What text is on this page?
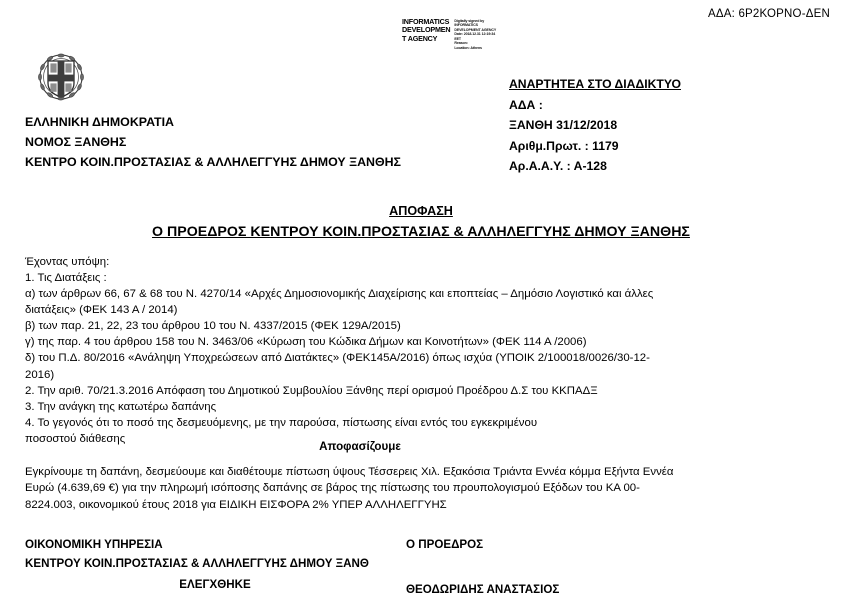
ΑΔΑ: 6Ρ2ΚΟΡΝΟ-ΔΕΝ
INFORMATICS
DEVELOPMEN
T AGENCY
Digitally signed by
INFORMATICS
DEVELOPMENT AGENCY
Date: 2018.12.31 12:19:34
EET
Reason:
Location: Athens
ΕΛΛΗΝΙΚΗ ΔΗΜΟΚΡΑΤΙΑ
ΝΟΜΟΣ ΞΑΝΘΗΣ
ΚΕΝΤΡΟ ΚΟΙΝ.ΠΡΟΣΤΑΣΙΑΣ & ΑΛΛΗΛΕΓΓΥΗΣ ΔΗΜΟΥ ΞΑΝΘΗΣ
ΑΝΑΡΤΗΤΕΑ ΣΤΟ ΔΙΑΔΙΚΤΥΟ
ΑΔΑ :
ΞΑΝΘΗ 31/12/2018
Αριθμ.Πρωτ. : 1179
Αρ.Α.Α.Υ. : Α-128
ΑΠΟΦΑΣΗ
Ο ΠΡΟΕΔΡΟΣ ΚΕΝΤΡΟΥ ΚΟΙΝ.ΠΡΟΣΤΑΣΙΑΣ & ΑΛΛΗΛΕΓΓΥΗΣ ΔΗΜΟΥ ΞΑΝΘΗΣ
Έχοντας υπόψη:
1. Τις Διατάξεις :
α) των άρθρων 66, 67 & 68 του Ν. 4270/14 «Αρχές Δημοσιονομικής Διαχείρισης και εποπτείας – Δημόσιο Λογιστικό και άλλες
διατάξεις» (ΦΕΚ 143 Α / 2014)
β) των παρ. 21, 22, 23 του άρθρου 10 του Ν. 4337/2015 (ΦΕΚ 129Α/2015)
γ) της παρ. 4 του άρθρου 158 του Ν. 3463/06 «Κύρωση του Κώδικα Δήμων και Κοινοτήτων» (ΦΕΚ 114 Α /2006)
δ) του Π.Δ. 80/2016 «Ανάληψη Υποχρεώσεων από Διατάκτες» (ΦΕΚ145Α/2016) όπως ισχύα (ΥΠΟΙΚ 2/100018/0026/30-12-
2016)
2. Την αριθ. 70/21.3.2016 Απόφαση του Δημοτικού Συμβουλίου Ξάνθης περί ορισμού Προέδρου Δ.Σ του ΚΚΠΑΔΞ
3. Την ανάγκη της κατωτέρω δαπάνης
4. Το γεγονός ότι το ποσό της δεσμευόμενης, με την παρούσα, πίστωσης είναι εντός του εγκεκριμένου
ποσοστού διάθεσης
Αποφασίζουμε
Εγκρίνουμε τη δαπάνη, δεσμεύουμε και διαθέτουμε πίστωση ύψους Τέσσερεις Χιλ. Εξακόσια Τριάντα Εννέα κόμμα Εξήντα Εννέα
Ευρώ (4.639,69 €) για την πληρωμή ισόποσης δαπάνης σε βάρος της πίστωσης του προυπολογισμού Εξόδων του ΚΑ 00-
8224.003, οικονομικού έτους 2018 για ΕΙΔΙΚΗ ΕΙΣΦΟΡΑ 2% ΥΠΕΡ ΑΛΛΗΛΕΓΓΥΗΣ
ΟΙΚΟΝΟΜΙΚΗ ΥΠΗΡΕΣΙΑ
ΚΕΝΤΡΟΥ ΚΟΙΝ.ΠΡΟΣΤΑΣΙΑΣ & ΑΛΛΗΛΕΓΓΥΗΣ ΔΗΜΟΥ ΞΑΝΘ
ΕΛΕΓΧΘΗΚΕ
Ο ΠΡΟΕΔΡΟΣ
ΘΕΟΔΩΡΙΔΗΣ ΑΝΑΣΤΑΣΙΟΣ
